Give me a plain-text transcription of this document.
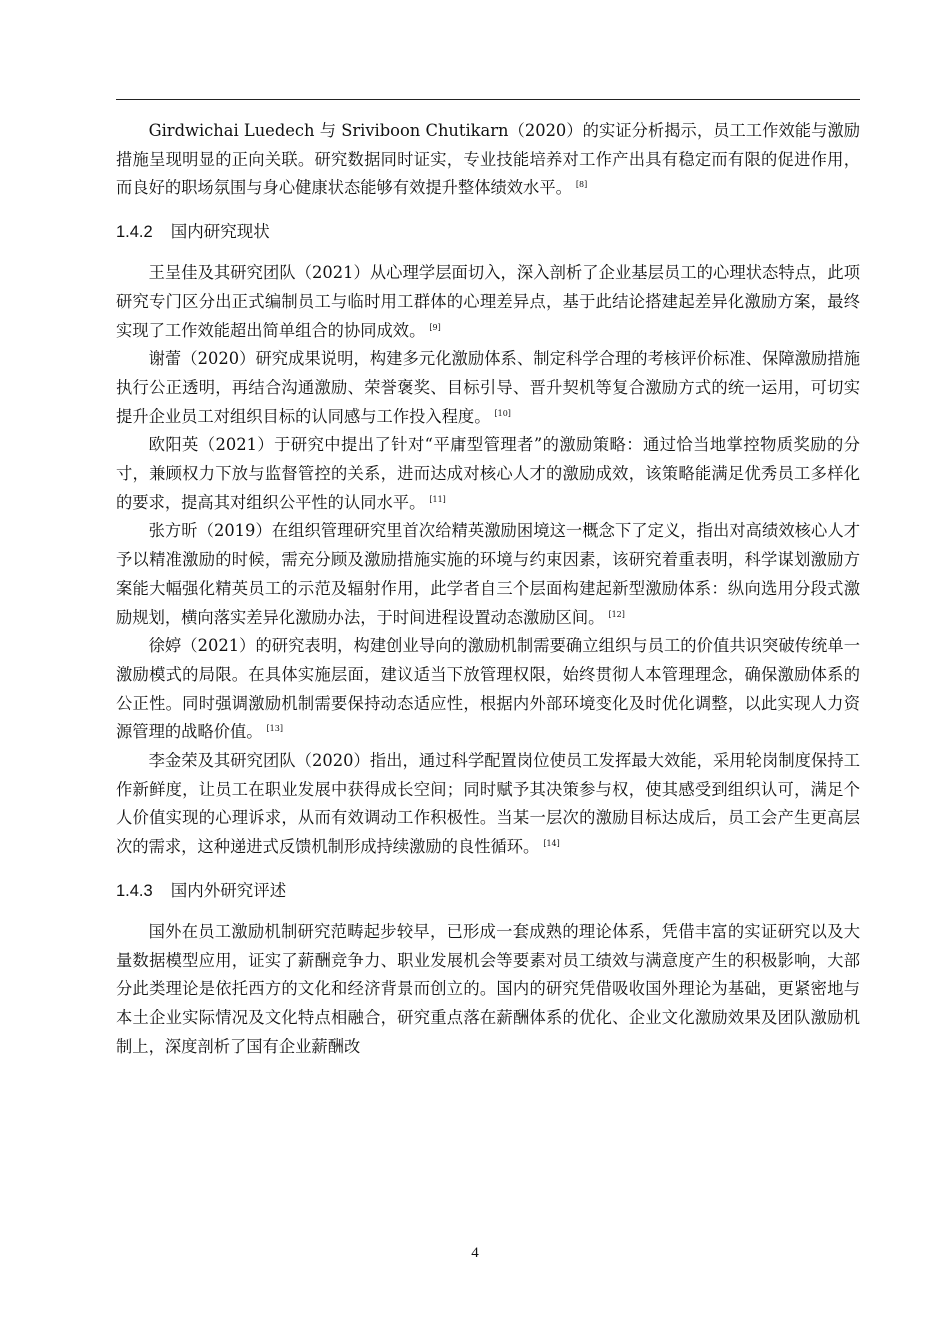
Girdwichai Luedech 与 Sriviboon Chutikarn（2020）的实证分析揭示，员工工作效能与激励措施呈现明显的正向关联。研究数据同时证实，专业技能培养对工作产出具有稳定而有限的促进作用，而良好的职场氛围与身心健康状态能够有效提升整体绩效水平。 [8]

1.4.2 国内研究现状

王呈佳及其研究团队（2021）从心理学层面切入，深入剖析了企业基层员工的心理状态特点，此项研究专门区分出正式编制员工与临时用工群体的心理差异点，基于此结论搭建起差异化激励方案，最终实现了工作效能超出简单组合的协同成效。 [9]

谢蕾（2020）研究成果说明，构建多元化激励体系、制定科学合理的考核评价标准、保障激励措施执行公正透明，再结合沟通激励、荣誉褒奖、目标引导、晋升契机等复合激励方式的统一运用，可切实提升企业员工对组织目标的认同感与工作投入程度。 [10]

欧阳英（2021）于研究中提出了针对“平庸型管理者”的激励策略：通过恰当地掌控物质奖励的分寸，兼顾权力下放与监督管控的关系，进而达成对核心人才的激励成效，该策略能满足优秀员工多样化的要求，提高其对组织公平性的认同水平。 [11]

张方昕（2019）在组织管理研究里首次给精英激励困境这一概念下了定义，指出对高绩效核心人才予以精准激励的时候，需充分顾及激励措施实施的环境与约束因素，该研究着重表明，科学谋划激励方案能大幅强化精英员工的示范及辐射作用，此学者自三个层面构建起新型激励体系：纵向选用分段式激励规划，横向落实差异化激励办法，于时间进程设置动态激励区间。 [12]

徐婷（2021）的研究表明，构建创业导向的激励机制需要确立组织与员工的价值共识突破传统单一激励模式的局限。在具体实施层面，建议适当下放管理权限，始终贯彻人本管理理念，确保激励体系的公正性。同时强调激励机制需要保持动态适应性，根据内外部环境变化及时优化调整，以此实现人力资源管理的战略价值。 [13]

李金荣及其研究团队（2020）指出，通过科学配置岗位使员工发挥最大效能，采用轮岗制度保持工作新鲜度，让员工在职业发展中获得成长空间；同时赋予其决策参与权，使其感受到组织认可，满足个人价值实现的心理诉求，从而有效调动工作积极性。当某一层次的激励目标达成后，员工会产生更高层次的需求，这种递进式反馈机制形成持续激励的良性循环。 [14]

1.4.3 国内外研究评述

国外在员工激励机制研究范畴起步较早，已形成一套成熟的理论体系，凭借丰富的实证研究以及大量数据模型应用，证实了薪酬竞争力、职业发展机会等要素对员工绩效与满意度产生的积极影响，大部分此类理论是依托西方的文化和经济背景而创立的。国内的研究凭借吸收国外理论为基础，更紧密地与本土企业实际情况及文化特点相融合，研究重点落在薪酬体系的优化、企业文化激励效果及团队激励机制上，深度剖析了国有企业薪酬改

4
